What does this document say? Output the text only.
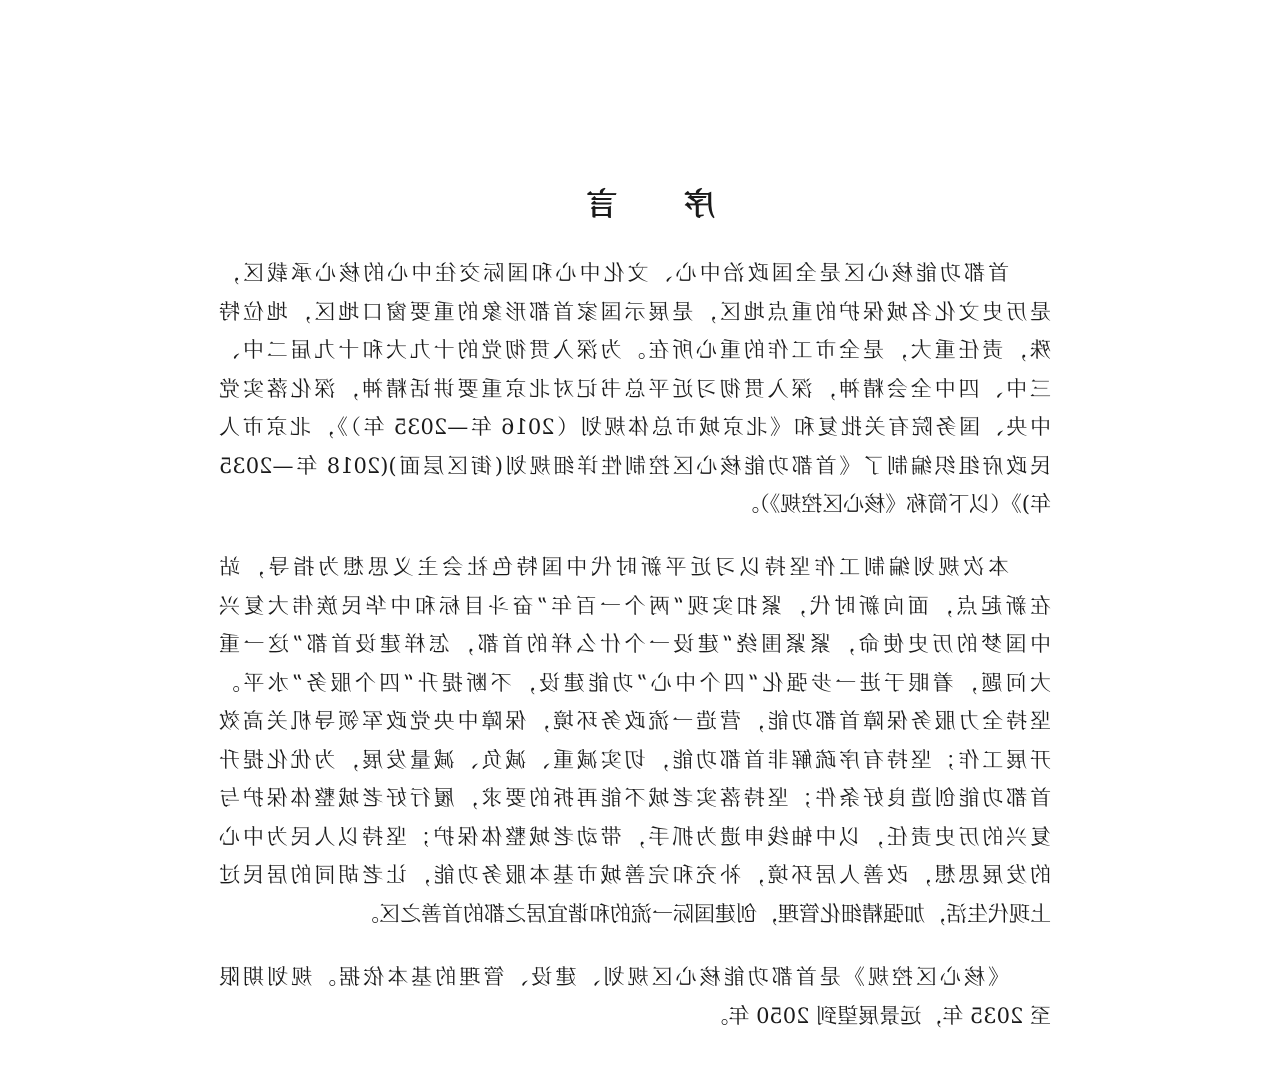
序 言
首都功能核心区是全国政治中心、文化中心和国际交往中心的核心承载区，
是历史文化名城保护的重点地区，是展示国家首都形象的重要窗口地区，地位特
殊，责任重大，是全市工作的重心所在。为深入贯彻党的十九大和十九届二中、
三中、四中全会精神，深入贯彻习近平总书记对北京重要讲话精神，深化落实党
中央、国务院有关批复和《北京城市总体规划（2016 年—2035 年）》，北京市人
民政府组织编制了《首都功能核心区控制性详细规划(街区层面)(2018 年—2035
年)》（以下简称《核心区控规》）。
本次规划编制工作坚持以习近平新时代中国特色社会主义思想为指导，站
在新起点，面向新时代，紧扣实现“两个一百年”奋斗目标和中华民族伟大复兴
中国梦的历史使命，紧紧围绕“建设一个什么样的首都，怎样建设首都”这一重
大问题，着眼于进一步强化“四个中心”功能建设，不断提升“四个服务”水平。
坚持全力服务保障首都功能，营造一流政务环境，保障中央党政军领导机关高效
开展工作；坚持有序疏解非首都功能，切实减重、减负、减量发展，为优化提升
首都功能创造良好条件；坚持落实老城不能再拆的要求，履行好老城整体保护与
复兴的历史责任，以中轴线申遗为抓手，带动老城整体保护；坚持以人民为中心
的发展思想，改善人居环境，补充和完善城市基本服务功能，让老胡同的居民过
上现代生活，加强精细化管理，创建国际一流的和谐宜居之都的首善之区。
《核心区控规》是首都功能核心区规划、建设、管理的基本依据。规划期限
至 2035 年，远景展望到 2050 年。
